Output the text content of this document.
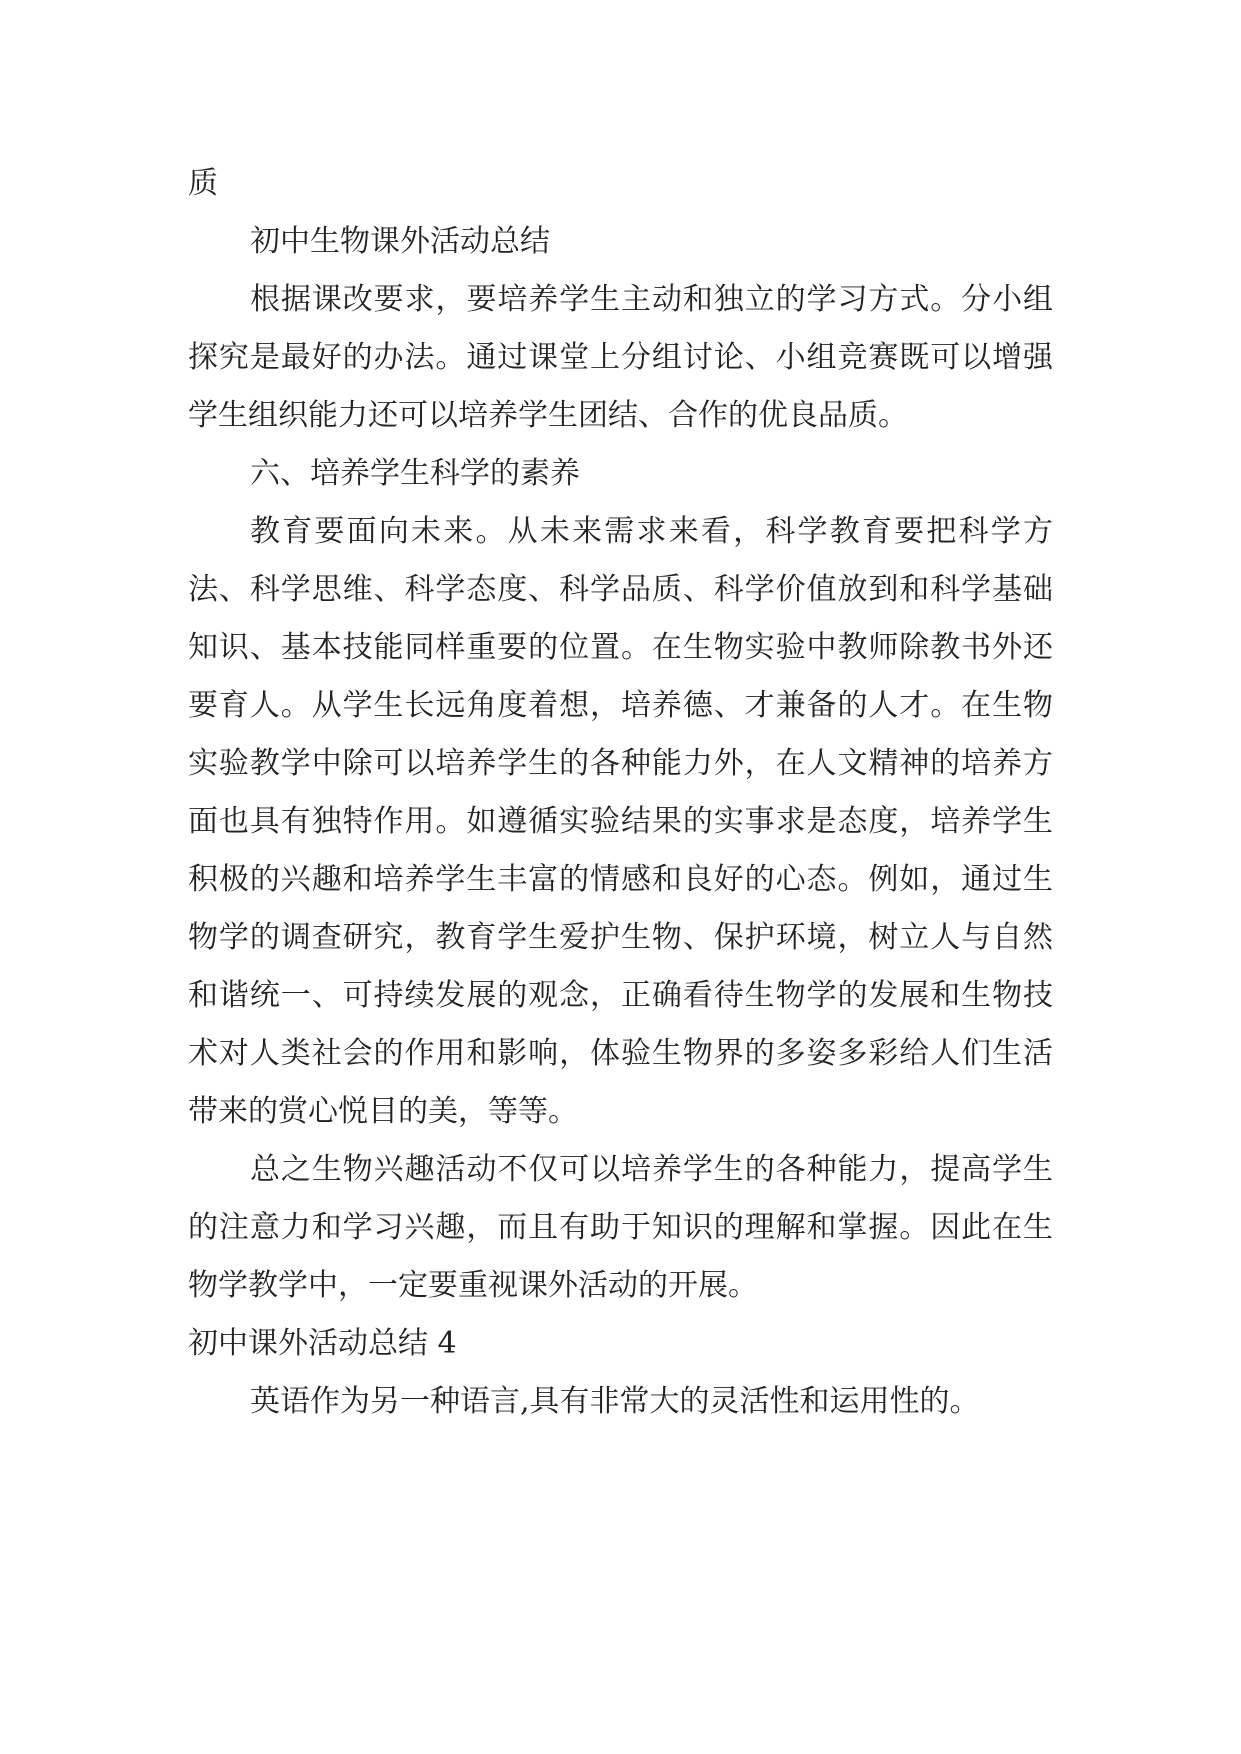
质

初中生物课外活动总结

根据课改要求，要培养学生主动和独立的学习方式。分小组探究是最好的办法。通过课堂上分组讨论、小组竞赛既可以增强学生组织能力还可以培养学生团结、合作的优良品质。

六、培养学生科学的素养

教育要面向未来。从未来需求来看，科学教育要把科学方法、科学思维、科学态度、科学品质、科学价值放到和科学基础知识、基本技能同样重要的位置。在生物实验中教师除教书外还要育人。从学生长远角度着想，培养德、才兼备的人才。在生物实验教学中除可以培养学生的各种能力外，在人文精神的培养方面也具有独特作用。如遵循实验结果的实事求是态度，培养学生积极的兴趣和培养学生丰富的情感和良好的心态。例如，通过生物学的调查研究，教育学生爱护生物、保护环境，树立人与自然和谐统一、可持续发展的观念，正确看待生物学的发展和生物技术对人类社会的作用和影响，体验生物界的多姿多彩给人们生活带来的赏心悦目的美，等等。

总之生物兴趣活动不仅可以培养学生的各种能力，提高学生的注意力和学习兴趣，而且有助于知识的理解和掌握。因此在生物学教学中，一定要重视课外活动的开展。

初中课外活动总结 4

英语作为另一种语言,具有非常大的灵活性和运用性的。
